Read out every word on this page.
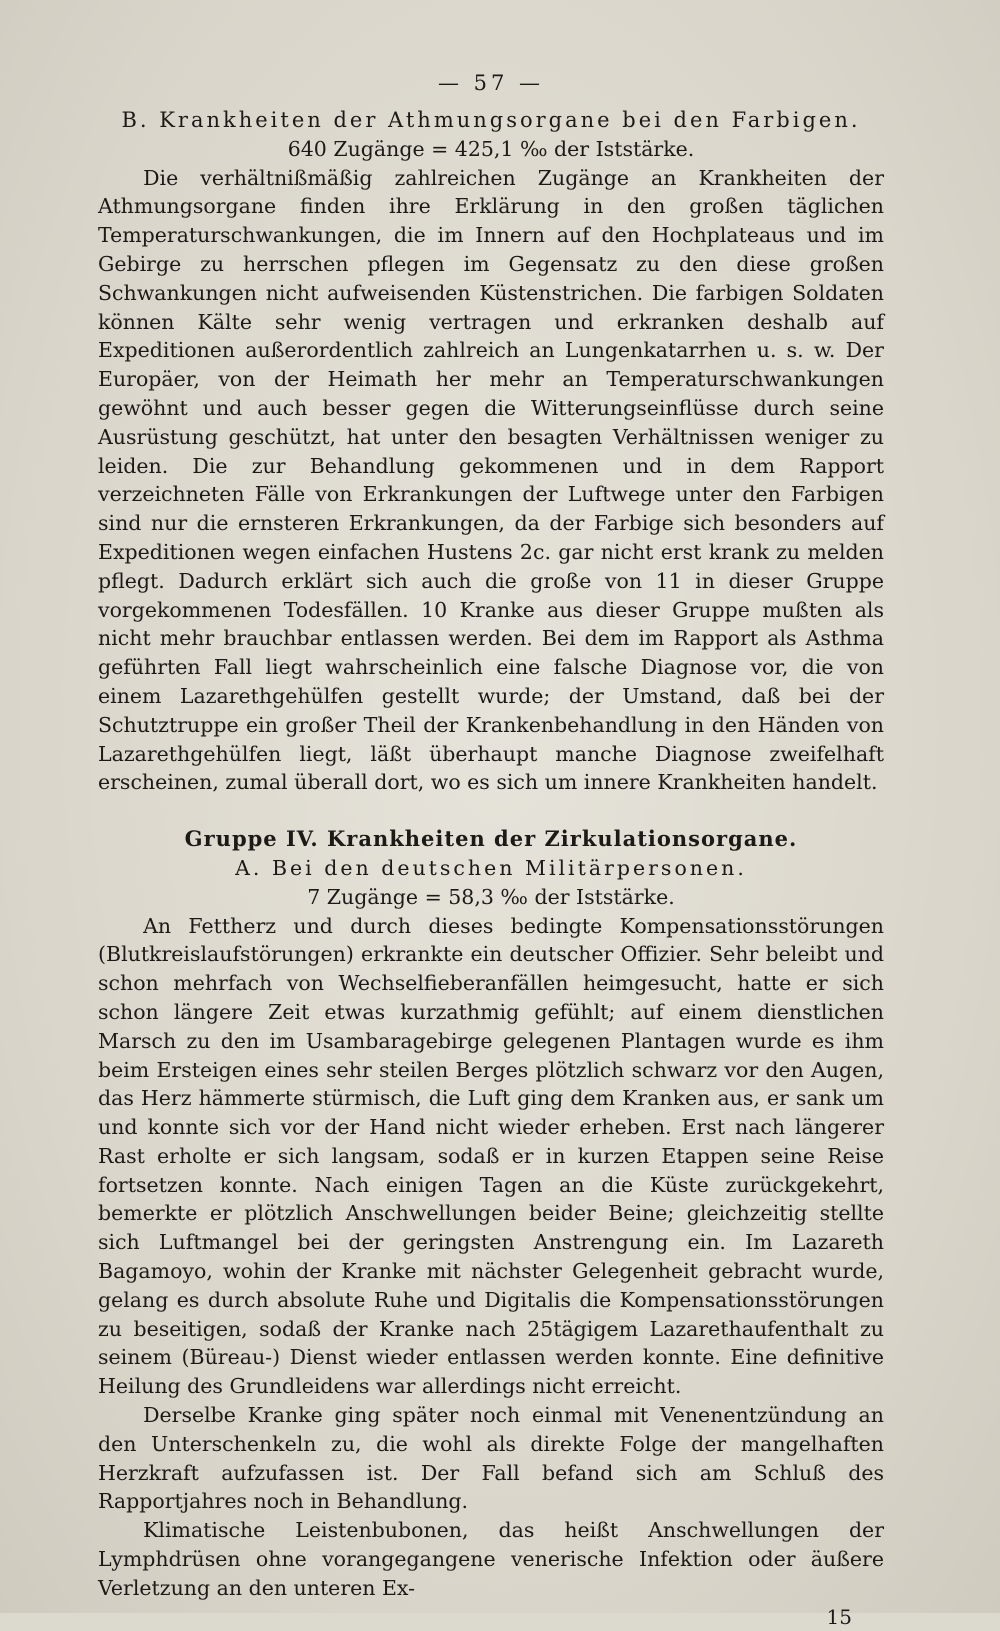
— 57 —
B. Krankheiten der Athmungsorgane bei den Farbigen.
640 Zugänge = 425,1 ‰ der Iststärke.

Die verhältnißmäßig zahlreichen Zugänge an Krankheiten der Athmungsorgane finden ihre Erklärung in den großen täglichen Temperaturschwankungen, die im Innern auf den Hochplateaus und im Gebirge zu herrschen pflegen im Gegensatz zu den diese großen Schwankungen nicht aufweisenden Küstenstrichen. Die farbigen Soldaten können Kälte sehr wenig vertragen und erkranken deshalb auf Expeditionen außerordentlich zahlreich an Lungenkatarrhen u. s. w. Der Europäer, von der Heimath her mehr an Temperaturschwankungen gewöhnt und auch besser gegen die Witterungseinflüsse durch seine Ausrüstung geschützt, hat unter den besagten Verhältnissen weniger zu leiden. Die zur Behandlung gekommenen und in dem Rapport verzeichneten Fälle von Erkrankungen der Luftwege unter den Farbigen sind nur die ernsteren Erkrankungen, da der Farbige sich besonders auf Expeditionen wegen einfachen Hustens 2c. gar nicht erst krank zu melden pflegt. Dadurch erklärt sich auch die große von 11 in dieser Gruppe vorgekommenen Todesfällen. 10 Kranke aus dieser Gruppe mußten als nicht mehr brauchbar entlassen werden. Bei dem im Rapport als Asthma geführten Fall liegt wahrscheinlich eine falsche Diagnose vor, die von einem Lazarethgehülfen gestellt wurde; der Umstand, daß bei der Schutztruppe ein großer Theil der Krankenbehandlung in den Händen von Lazarethgehülfen liegt, läßt überhaupt manche Diagnose zweifelhaft erscheinen, zumal überall dort, wo es sich um innere Krankheiten handelt.

Gruppe IV. Krankheiten der Zirkulationsorgane.
A. Bei den deutschen Militärpersonen.
7 Zugänge = 58,3 ‰ der Iststärke.

An Fettherz und durch dieses bedingte Kompensationsstörungen (Blutkreislaufstörungen) erkrankte ein deutscher Offizier. Sehr beleibt und schon mehrfach von Wechselfieberanfällen heimgesucht, hatte er sich schon längere Zeit etwas kurzathmig gefühlt; auf einem dienstlichen Marsch zu den im Usambaragebirge gelegenen Plantagen wurde es ihm beim Ersteigen eines sehr steilen Berges plötzlich schwarz vor den Augen, das Herz hämmerte stürmisch, die Luft ging dem Kranken aus, er sank um und konnte sich vor der Hand nicht wieder erheben. Erst nach längerer Rast erholte er sich langsam, sodaß er in kurzen Etappen seine Reise fortsetzen konnte. Nach einigen Tagen an die Küste zurückgekehrt, bemerkte er plötzlich Anschwellungen beider Beine; gleichzeitig stellte sich Luftmangel bei der geringsten Anstrengung ein. Im Lazareth Bagamoyo, wohin der Kranke mit nächster Gelegenheit gebracht wurde, gelang es durch absolute Ruhe und Digitalis die Kompensationsstörungen zu beseitigen, sodaß der Kranke nach 25tägigem Lazarethaufenthalt zu seinem (Büreau-) Dienst wieder entlassen werden konnte. Eine definitive Heilung des Grundleidens war allerdings nicht erreicht.

Derselbe Kranke ging später noch einmal mit Venenentzündung an den Unterschenkeln zu, die wohl als direkte Folge der mangelhaften Herzkraft aufzufassen ist. Der Fall befand sich am Schluß des Rapportjahres noch in Behandlung.

Klimatische Leistenbubonen, das heißt Anschwellungen der Lymphdrüsen ohne vorangegangene venerische Infektion oder äußere Verletzung an den unteren Ex-

15
